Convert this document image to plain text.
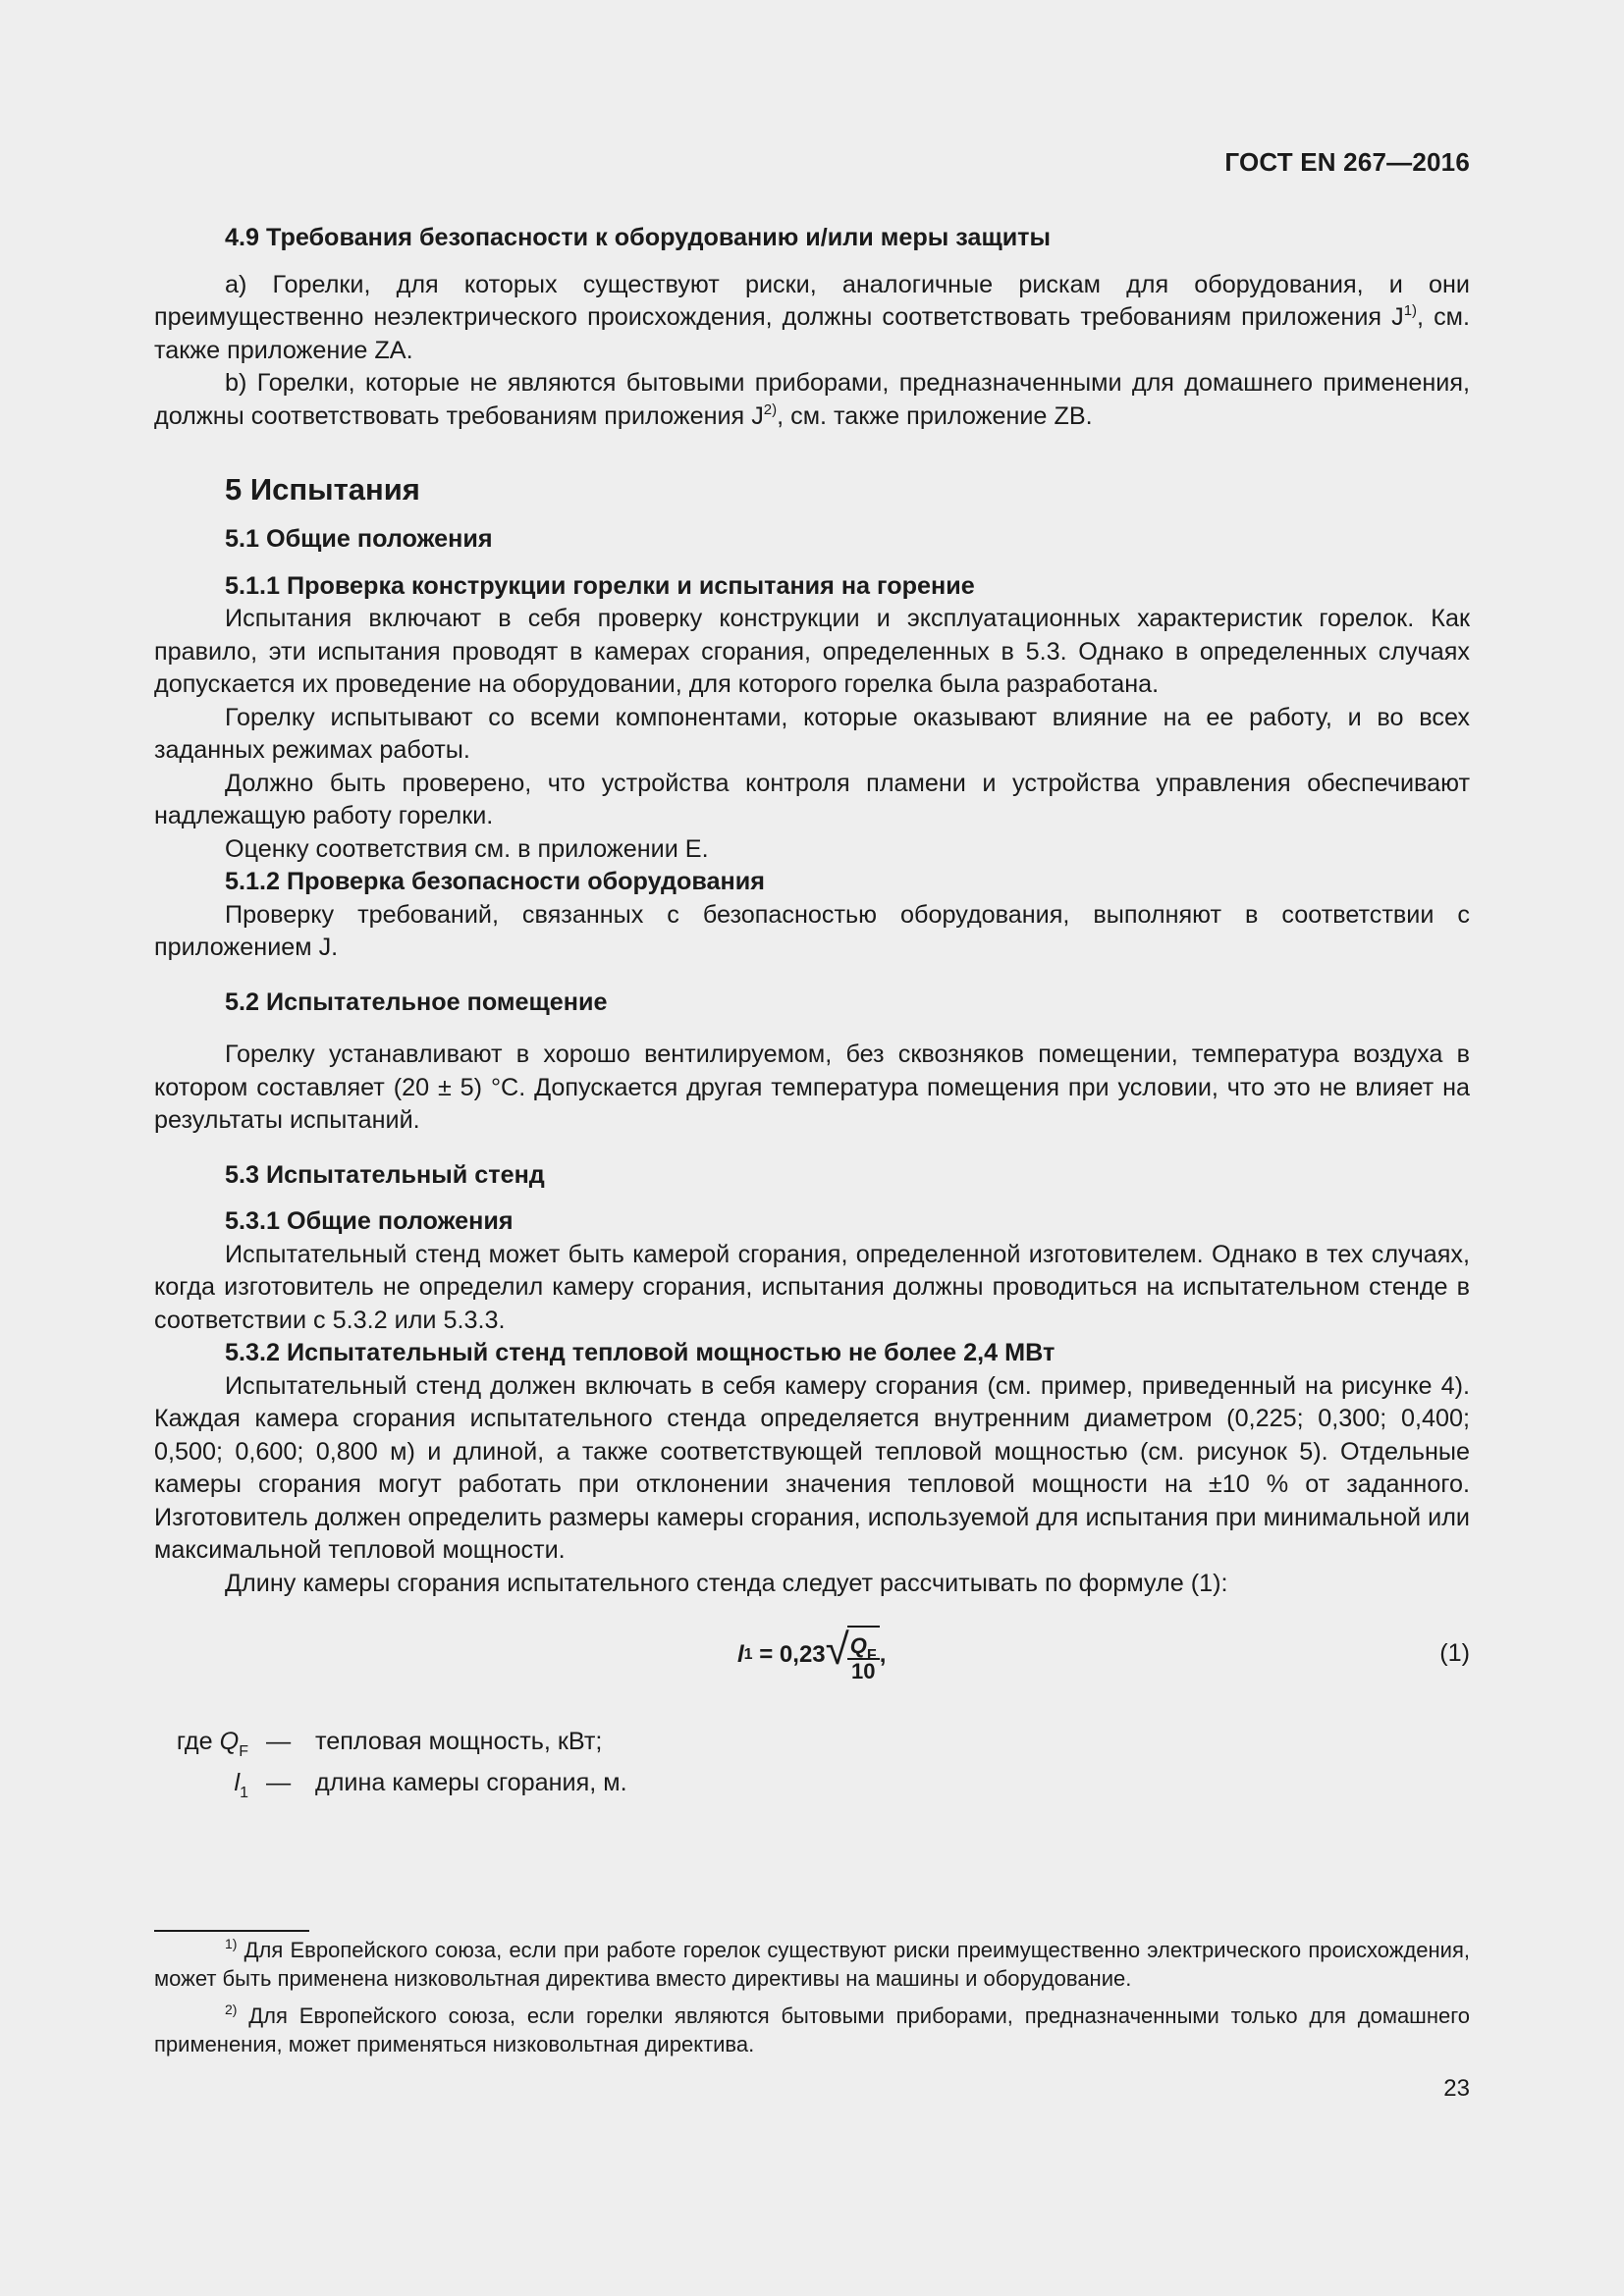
ГОСТ EN 267—2016

4.9 Требования безопасности к оборудованию и/или меры защиты

а) Горелки, для которых существуют риски, аналогичные рискам для оборудования, и они преимущественно неэлектрического происхождения, должны соответствовать требованиям приложения $J^{1)}$, см. также приложение ZA.

b) Горелки, которые не являются бытовыми приборами, предназначенными для домашнего применения, должны соответствовать требованиям приложения $J^{2)}$, см. также приложение ZB.

5 Испытания

5.1 Общие положения

5.1.1 Проверка конструкции горелки и испытания на горение

Испытания включают в себя проверку конструкции и эксплуатационных характеристик горелок. Как правило, эти испытания проводят в камерах сгорания, определенных в 5.3. Однако в определенных случаях допускается их проведение на оборудовании, для которого горелка была разработана.

Горелку испытывают со всеми компонентами, которые оказывают влияние на ее работу, и во всех заданных режимах работы.

Должно быть проверено, что устройства контроля пламени и устройства управления обеспечивают надлежащую работу горелки.

Оценку соответствия см. в приложении Е.

5.1.2 Проверка безопасности оборудования

Проверку требований, связанных с безопасностью оборудования, выполняют в соответствии с приложением J.

5.2 Испытательное помещение

Горелку устанавливают в хорошо вентилируемом, без сквозняков помещении, температура воздуха в котором составляет (20 ± 5) °С. Допускается другая температура помещения при условии, что это не влияет на результаты испытаний.

5.3 Испытательный стенд

5.3.1 Общие положения

Испытательный стенд может быть камерой сгорания, определенной изготовителем. Однако в тех случаях, когда изготовитель не определил камеру сгорания, испытания должны проводиться на испытательном стенде в соответствии с 5.3.2 или 5.3.3.

5.3.2 Испытательный стенд тепловой мощностью не более 2,4 МВт

Испытательный стенд должен включать в себя камеру сгорания (см. пример, приведенный на рисунке 4). Каждая камера сгорания испытательного стенда определяется внутренним диаметром (0,225; 0,300; 0,400; 0,500; 0,600; 0,800 м) и длиной, а также соответствующей тепловой мощностью (см. рисунок 5). Отдельные камеры сгорания могут работать при отклонении значения тепловой мощности на ±10 % от заданного. Изготовитель должен определить размеры камеры сгорания, используемой для испытания при минимальной или максимальной тепловой мощности.

Длину камеры сгорания испытательного стенда следует рассчитывать по формуле (1):

l 1 = 0,23 √
$\frac{Q_F}{10}$ ,	(1)
где $Q_F$ — тепловая мощность, кВт;
$l_1$ — длина камеры сгорания, м.

$^{1)}$ Для Европейского союза, если при работе горелок существуют риски преимущественно электрического происхождения, может быть применена низковольтная директива вместо директивы на машины и оборудование.

$^{2)}$ Для Европейского союза, если горелки являются бытовыми приборами, предназначенными только для домашнего применения, может применяться низковольтная директива.

23
